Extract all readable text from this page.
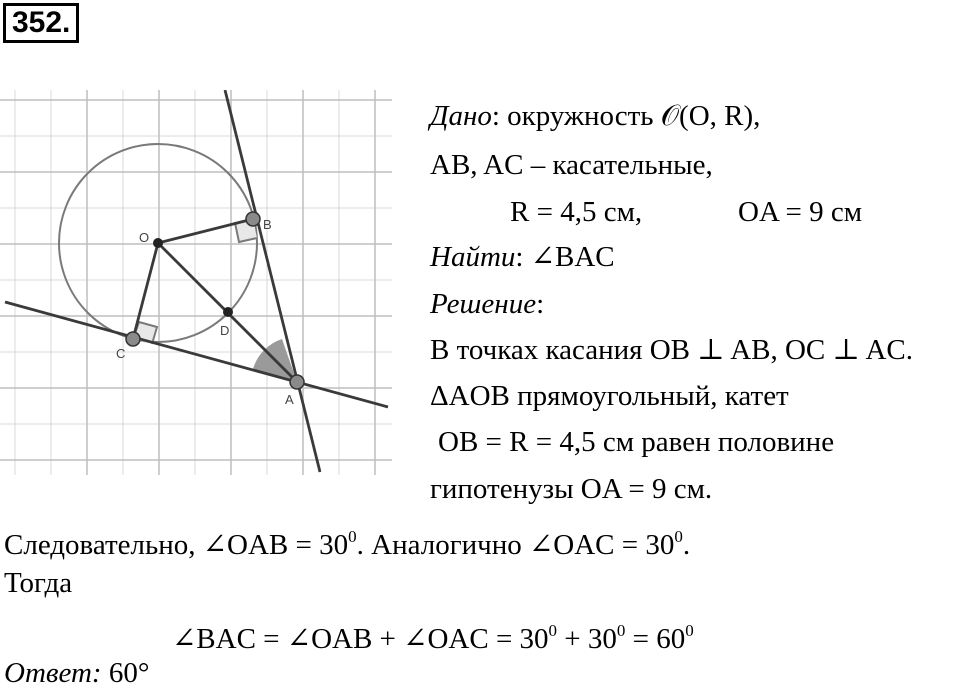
352.
O
B
C
D
A
Дано: окружность 𝒪(O, R),
AB, AC – касательные,
R = 4,5 см,	OA = 9 см
Найти: ∠BAC
Решение:
В точках касания OB ⊥ AB, OC ⊥ AC.
ΔAOB прямоугольный, катет
OB = R = 4,5 см равен половине
гипотенузы OA = 9 см.
Следовательно, ∠OAB = $30^0$. Аналогично ∠OAC = $30^0$.
Тогда
∠BAC = ∠OAB + ∠OAC = $30^0 + 30^0 = 60^0$
Ответ: 60°
